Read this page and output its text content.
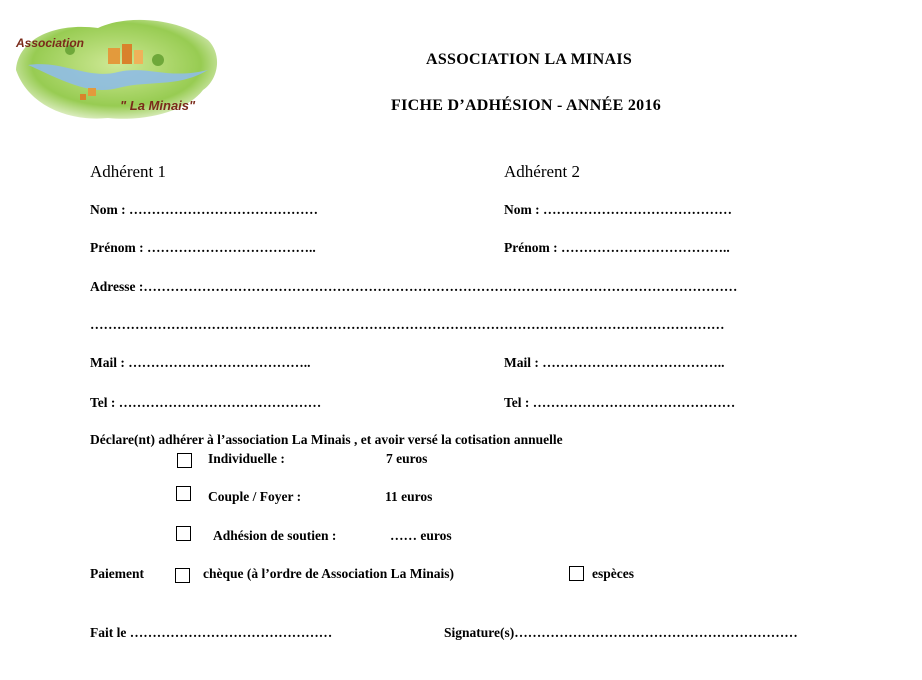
Association
" La Minais"
ASSOCIATION LA MINAIS
FICHE D’ADHÉSION - ANNÉE 2016
Adhérent 1	Adhérent 2
Nom : ……………………………………	Nom : ……………………………………
Prénom : ………………………………..	Prénom : ………………………………..
Adresse :……………………………………………………………………………………………………………………
……………………………………………………………………………………………………………………………
Mail : …………………………………..	Mail : …………………………………..
Tel : ………………………………………	Tel : ………………………………………
Déclare(nt) adhérer à l’association La Minais , et avoir versé la cotisation annuelle
Individuelle :	7 euros
Couple / Foyer :	11 euros
Adhésion de soutien :	…… euros
Paiement	chèque (à l’ordre de Association La Minais)	espèces
Fait le ………………………………………	Signature(s)………………………………………………………
